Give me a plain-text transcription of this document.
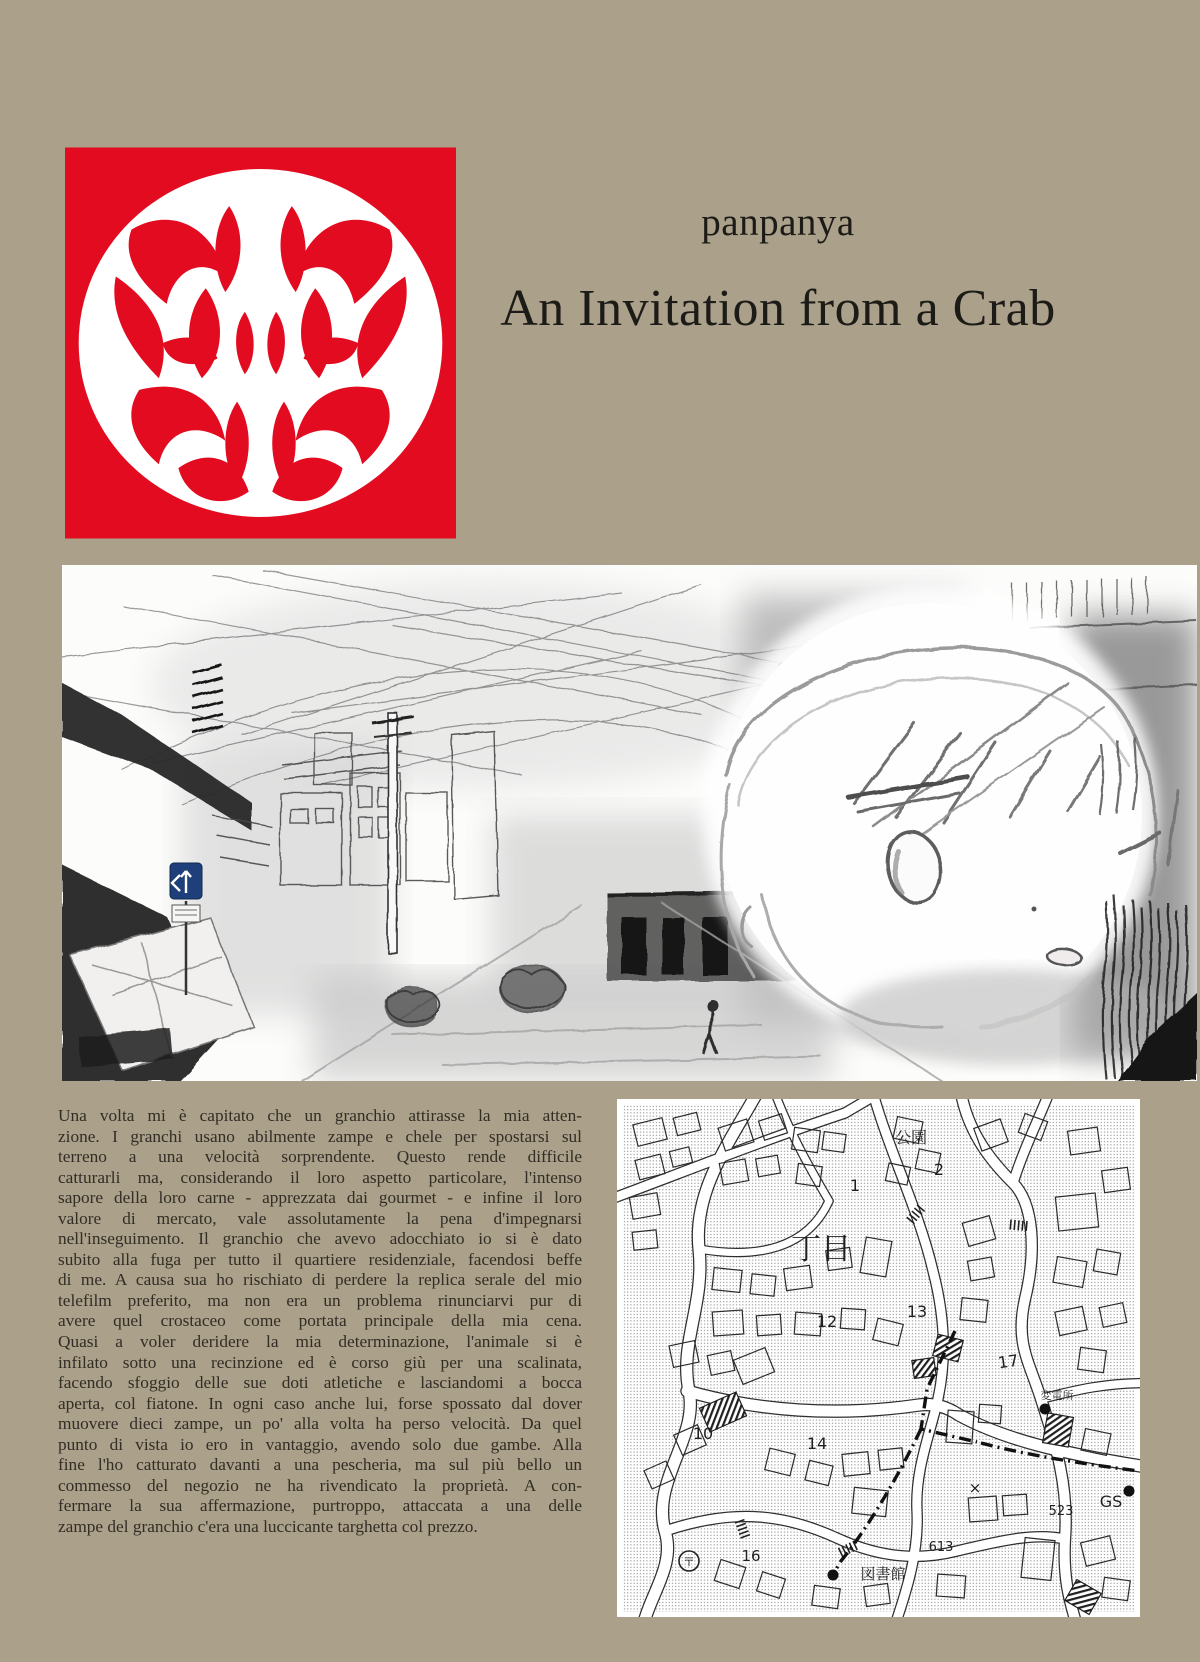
panpanya
An Invitation from a Crab
Una volta mi è capitato che un granchio attirasse la mia atten-
zione. I granchi usano abilmente zampe e chele per spostarsi sul
terreno a una velocità sorprendente. Questo rende difficile
catturarli ma, considerando il loro aspetto particolare, l'intenso
sapore della loro carne - apprezzata dai gourmet - e infine il loro
valore di mercato, vale assolutamente la pena d'impegnarsi
nell'inseguimento. Il granchio che avevo adocchiato io si è dato
subito alla fuga per tutto il quartiere residenziale, facendosi beffe
di me. A causa sua ho rischiato di perdere la replica serale del mio
telefilm preferito, ma non era un problema rinunciarvi pur di
avere quel crostaceo come portata principale della mia cena.
Quasi a voler deridere la mia determinazione, l'animale si è
infilato sotto una recinzione ed è corso giù per una scalinata,
facendo sfoggio delle sue doti atletiche e lasciandomi a bocca
aperta, col fiatone. In ogni caso anche lui, forse spossato dal dover
muovere dieci zampe, un po' alla volta ha perso velocità. Da quel
punto di vista io ero in vantaggio, avendo solo due gambe. Alla
fine l'ho catturato davanti a una pescheria, ma sul più bello un
commesso del negozio ne ha rivendicato la proprietà. A con-
fermare la sua affermazione, purtroppo, attaccata a una delle
zampe del granchio c'era una luccicante targhetta col prezzo.
〒
公園
2
1
丁目
13
12
17
10
14
×
523
GS
613
16
図書館
変電所
